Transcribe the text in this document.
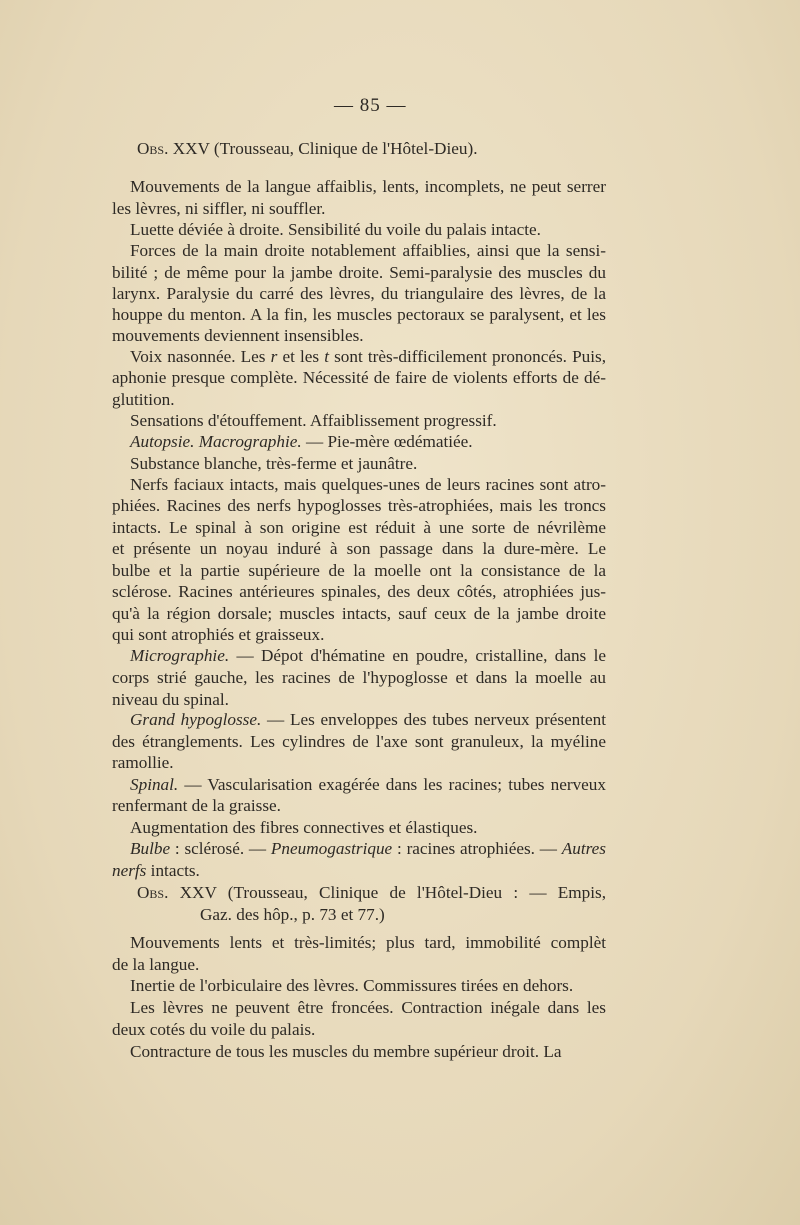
— 85 —
Obs. XXV (Trousseau, Clinique de l'Hôtel-Dieu).
Mouvements de la langue affaiblis, lents, incomplets, ne peut serrer
les lèvres, ni siffler, ni souffler.
Luette déviée à droite. Sensibilité du voile du palais intacte.
Forces de la main droite notablement affaiblies, ainsi que la sensi-
bilité ; de même pour la jambe droite. Semi-paralysie des muscles du
larynx. Paralysie du carré des lèvres, du triangulaire des lèvres, de la
houppe du menton. A la fin, les muscles pectoraux se paralysent, et les
mouvements deviennent insensibles.
Voix nasonnée. Les r et les t sont très-difficilement prononcés. Puis,
aphonie presque complète. Nécessité de faire de violents efforts de dé-
glutition.
Sensations d'étouffement. Affaiblissement progressif.
Autopsie. Macrographie. — Pie-mère œdématiée.
Substance blanche, très-ferme et jaunâtre.
Nerfs faciaux intacts, mais quelques-unes de leurs racines sont atro-
phiées. Racines des nerfs hypoglosses très-atrophiées, mais les troncs
intacts. Le spinal à son origine est réduit à une sorte de névrilème
et présente un noyau induré à son passage dans la dure-mère. Le
bulbe et la partie supérieure de la moelle ont la consistance de la
sclérose. Racines antérieures spinales, des deux côtés, atrophiées jus-
qu'à la région dorsale; muscles intacts, sauf ceux de la jambe droite
qui sont atrophiés et graisseux.
Micrographie. — Dépot d'hématine en poudre, cristalline, dans le
corps strié gauche, les racines de l'hypoglosse et dans la moelle au
niveau du spinal.
Grand hypoglosse. — Les enveloppes des tubes nerveux présentent
des étranglements. Les cylindres de l'axe sont granuleux, la myéline
ramollie.
Spinal. — Vascularisation exagérée dans les racines; tubes nerveux
renfermant de la graisse.
Augmentation des fibres connectives et élastiques.
Bulbe : sclérosé. — Pneumogastrique : racines atrophiées. — Autres
nerfs intacts.
Obs. XXV (Trousseau, Clinique de l'Hôtel-Dieu : — Empis,
Gaz. des hôp., p. 73 et 77.)
Mouvements lents et très-limités; plus tard, immobilité complèt
de la langue.
Inertie de l'orbiculaire des lèvres. Commissures tirées en dehors.
Les lèvres ne peuvent être froncées. Contraction inégale dans les
deux cotés du voile du palais.
Contracture de tous les muscles du membre supérieur droit. La
